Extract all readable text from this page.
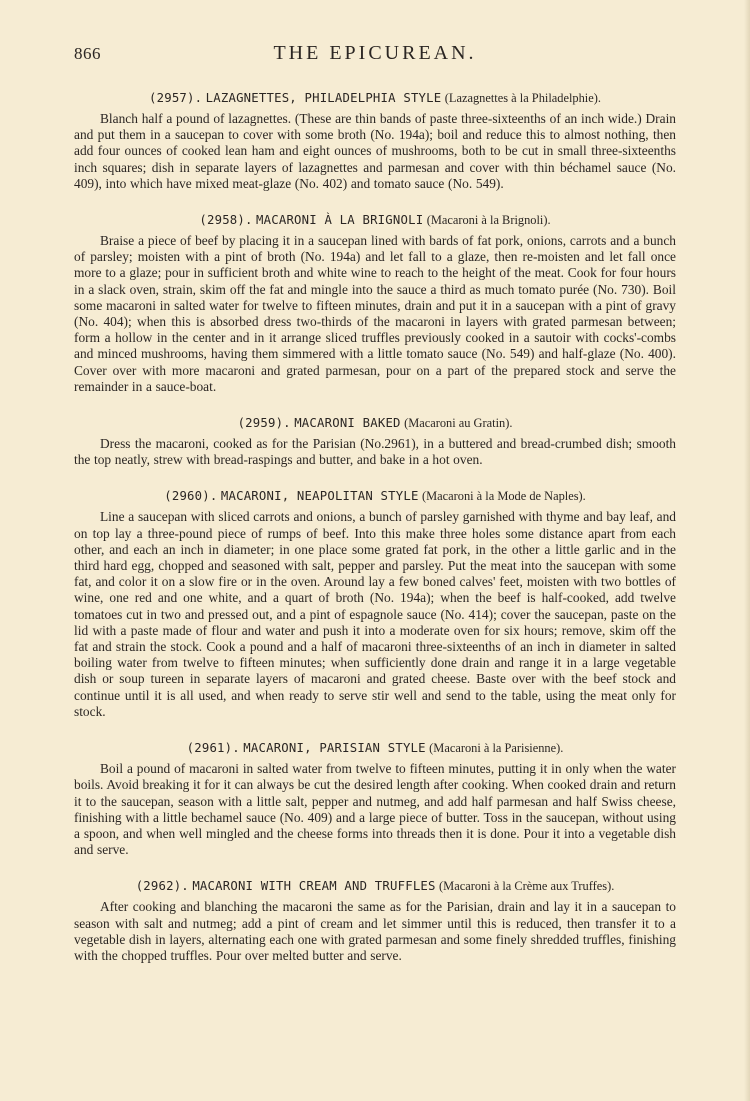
866	THE EPICUREAN.

(2957). LAZAGNETTES, PHILADELPHIA STYLE (Lazagnettes à la Philadelphie).

Blanch half a pound of lazagnettes. (These are thin bands of paste three-sixteenths of an inch wide.) Drain and put them in a saucepan to cover with some broth (No. 194a); boil and reduce this to almost nothing, then add four ounces of cooked lean ham and eight ounces of mushrooms, both to be cut in small three-sixteenths inch squares; dish in separate layers of lazagnettes and parmesan and cover with thin béchamel sauce (No. 409), into which have mixed meat-glaze (No. 402) and tomato sauce (No. 549).

(2958). MACARONI À LA BRIGNOLI (Macaroni à la Brignoli).

Braise a piece of beef by placing it in a saucepan lined with bards of fat pork, onions, carrots and a bunch of parsley; moisten with a pint of broth (No. 194a) and let fall to a glaze, then re-moisten and let fall once more to a glaze; pour in sufficient broth and white wine to reach to the height of the meat. Cook for four hours in a slack oven, strain, skim off the fat and mingle into the sauce a third as much tomato purée (No. 730). Boil some macaroni in salted water for twelve to fifteen minutes, drain and put it in a saucepan with a pint of gravy (No. 404); when this is absorbed dress two-thirds of the macaroni in layers with grated parmesan between; form a hollow in the center and in it arrange sliced truffles previously cooked in a sautoir with cocks'-combs and minced mushrooms, having them simmered with a little tomato sauce (No. 549) and half-glaze (No. 400). Cover over with more macaroni and grated parmesan, pour on a part of the prepared stock and serve the remainder in a sauce-boat.

(2959). MACARONI BAKED (Macaroni au Gratin).

Dress the macaroni, cooked as for the Parisian (No.2961), in a buttered and bread-crumbed dish; smooth the top neatly, strew with bread-raspings and butter, and bake in a hot oven.

(2960). MACARONI, NEAPOLITAN STYLE (Macaroni à la Mode de Naples).

Line a saucepan with sliced carrots and onions, a bunch of parsley garnished with thyme and bay leaf, and on top lay a three-pound piece of rumps of beef. Into this make three holes some distance apart from each other, and each an inch in diameter; in one place some grated fat pork, in the other a little garlic and in the third hard egg, chopped and seasoned with salt, pepper and parsley. Put the meat into the saucepan with some fat, and color it on a slow fire or in the oven. Around lay a few boned calves' feet, moisten with two bottles of wine, one red and one white, and a quart of broth (No. 194a); when the beef is half-cooked, add twelve tomatoes cut in two and pressed out, and a pint of espagnole sauce (No. 414); cover the saucepan, paste on the lid with a paste made of flour and water and push it into a moderate oven for six hours; remove, skim off the fat and strain the stock. Cook a pound and a half of macaroni three-sixteenths of an inch in diameter in salted boiling water from twelve to fifteen minutes; when sufficiently done drain and range it in a large vegetable dish or soup tureen in separate layers of macaroni and grated cheese. Baste over with the beef stock and continue until it is all used, and when ready to serve stir well and send to the table, using the meat only for stock.

(2961). MACARONI, PARISIAN STYLE (Macaroni à la Parisienne).

Boil a pound of macaroni in salted water from twelve to fifteen minutes, putting it in only when the water boils. Avoid breaking it for it can always be cut the desired length after cooking. When cooked drain and return it to the saucepan, season with a little salt, pepper and nutmeg, and add half parmesan and half Swiss cheese, finishing with a little bechamel sauce (No. 409) and a large piece of butter. Toss in the saucepan, without using a spoon, and when well mingled and the cheese forms into threads then it is done. Pour it into a vegetable dish and serve.

(2962). MACARONI WITH CREAM AND TRUFFLES (Macaroni à la Crème aux Truffes).

After cooking and blanching the macaroni the same as for the Parisian, drain and lay it in a saucepan to season with salt and nutmeg; add a pint of cream and let simmer until this is reduced, then transfer it to a vegetable dish in layers, alternating each one with grated parmesan and some finely shredded truffles, finishing with the chopped truffles. Pour over melted butter and serve.
